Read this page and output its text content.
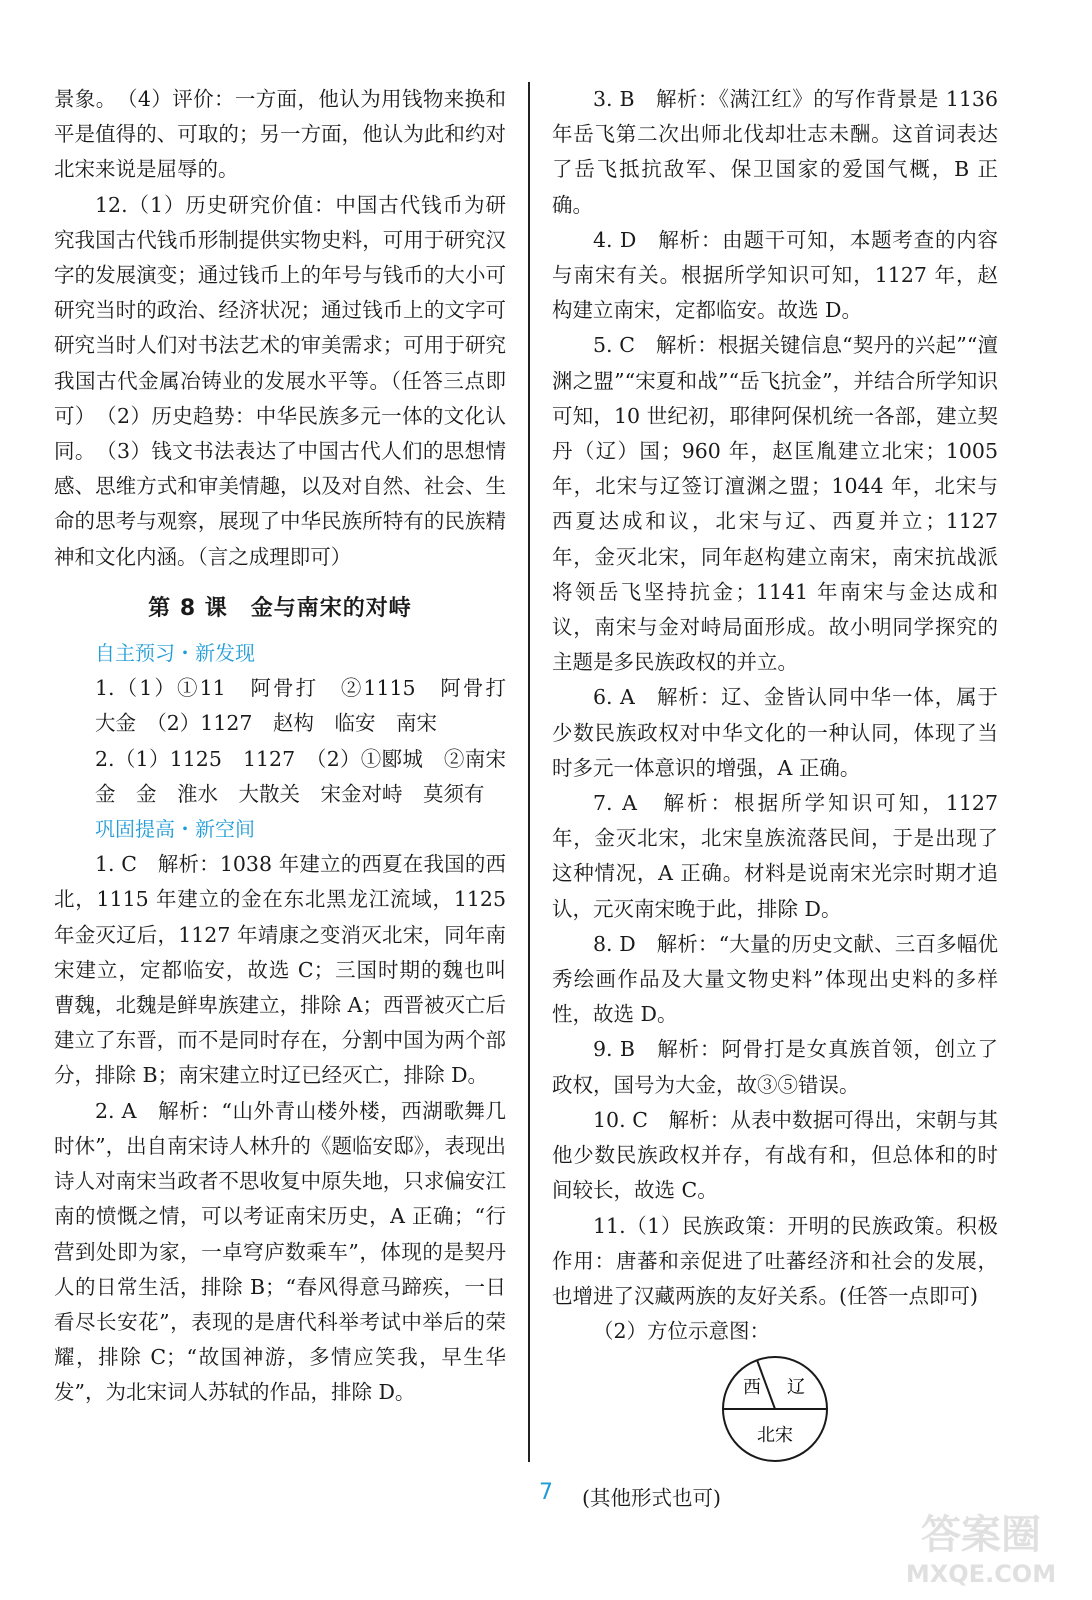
景象。　（4）评价：一方面，他认为用钱物来换和平是值得的、可取的；另一方面，他认为此和约对北宋来说是屈辱的。

12.（1）历史研究价值：中国古代钱币为研究我国古代钱币形制提供实物史料，可用于研究汉字的发展演变；通过钱币上的年号与钱币的大小可研究当时的政治、经济状况；通过钱币上的文字可研究当时人们对书法艺术的审美需求；可用于研究我国古代金属冶铸业的发展水平等。（任答三点即可）　（2）历史趋势：中华民族多元一体的文化认同。　（3）钱文书法表达了中国古代人们的思想情感、思维方式和审美情趣，以及对自然、社会、生命的思考与观察，展现了中华民族所特有的民族精神和文化内涵。（言之成理即可）

第 8 课　金与南宋的对峙
自主预习・新发现

1.（1）①11　阿骨打　②1115　阿骨打　大金　（2）1127　赵构　临安　南宋

2.（1）1125　1127　（2）①郾城　②南宋　金　金　淮水　大散关　宋金对峙　莫须有

巩固提高・新空间

1. C　解析：1038 年建立的西夏在我国的西北，1115 年建立的金在东北黑龙江流域，1125 年金灭辽后，1127 年靖康之变消灭北宋，同年南宋建立，定都临安，故选 C；三国时期的魏也叫曹魏，北魏是鲜卑族建立，排除 A；西晋被灭亡后建立了东晋，而不是同时存在，分割中国为两个部分，排除 B；南宋建立时辽已经灭亡，排除 D。

2. A　解析：“山外青山楼外楼，西湖歌舞几时休”，出自南宋诗人林升的《题临安邸》，表现出诗人对南宋当政者不思收复中原失地，只求偏安江南的愤慨之情，可以考证南宋历史，A 正确；“行营到处即为家，一卓穹庐数乘车”，体现的是契丹人的日常生活，排除 B；“春风得意马蹄疾，一日看尽长安花”，表现的是唐代科举考试中举后的荣耀，排除 C；“故国神游，多情应笑我，早生华发”，为北宋词人苏轼的作品，排除 D。

3. B　解析：《满江红》的写作背景是 1136 年岳飞第二次出师北伐却壮志未酬。这首词表达了岳飞抵抗敌军、保卫国家的爱国气概，B 正确。

4. D　解析：由题干可知，本题考查的内容与南宋有关。根据所学知识可知，1127 年，赵构建立南宋，定都临安。故选 D。

5. C　解析：根据关键信息“契丹的兴起”“澶渊之盟”“宋夏和战”“岳飞抗金”，并结合所学知识可知，10 世纪初，耶律阿保机统一各部，建立契丹（辽）国；960 年，赵匡胤建立北宋；1005 年，北宋与辽签订澶渊之盟；1044 年，北宋与西夏达成和议，北宋与辽、西夏并立；1127 年，金灭北宋，同年赵构建立南宋，南宋抗战派将领岳飞坚持抗金；1141 年南宋与金达成和议，南宋与金对峙局面形成。故小明同学探究的主题是多民族政权的并立。

6. A　解析：辽、金皆认同中华一体，属于少数民族政权对中华文化的一种认同，体现了当时多元一体意识的增强，A 正确。

7. A　解析：根据所学知识可知，1127 年，金灭北宋，北宋皇族流落民间，于是出现了这种情况，A 正确。材料是说南宋光宗时期才追认，元灭南宋晚于此，排除 D。

8. D　解析：“大量的历史文献、三百多幅优秀绘画作品及大量文物史料”体现出史料的多样性，故选 D。

9. B　解析：阿骨打是女真族首领，创立了政权，国号为大金，故③⑤错误。

10. C　解析：从表中数据可得出，宋朝与其他少数民族政权并存，有战有和，但总体和的时间较长，故选 C。

11.（1）民族政策：开明的民族政策。积极作用：唐蕃和亲促进了吐蕃经济和社会的发展，也增进了汉藏两族的友好关系。(任答一点即可)

（2）方位示意图：

西 辽
北宋

(其他形式也可)

7
答案圈
MXQE.COM
